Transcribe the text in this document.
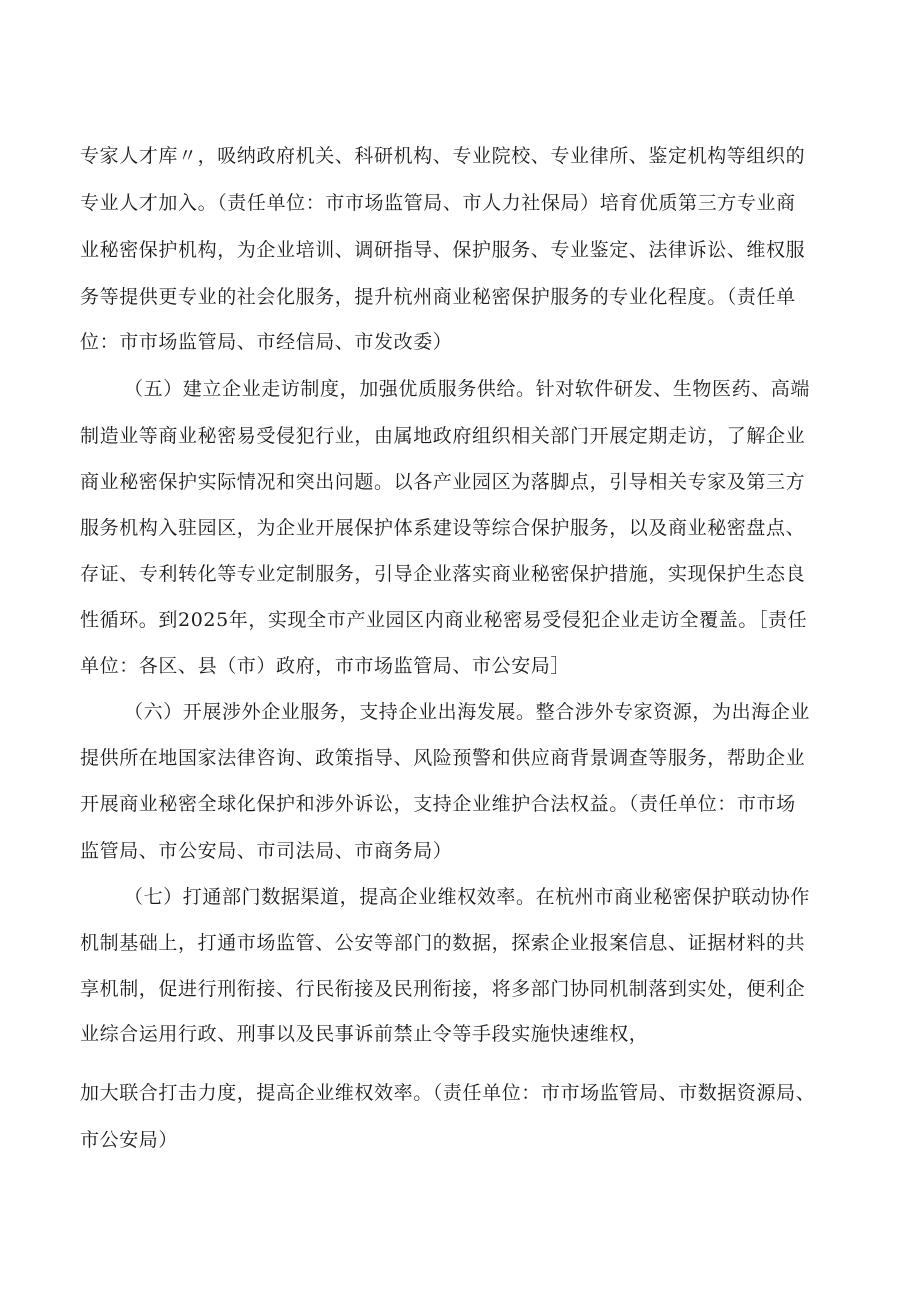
专家人才库〃，吸纳政府机关、科研机构、专业院校、专业律所、鉴定机构等组织的
专业人才加入。（责任单位：市市场监管局、市人力社保局）培育优质第三方专业商
业秘密保护机构，为企业培训、调研指导、保护服务、专业鉴定、法律诉讼、维权服
务等提供更专业的社会化服务，提升杭州商业秘密保护服务的专业化程度。（责任单
位：市市场监管局、市经信局、市发改委）
（五）建立企业走访制度，加强优质服务供给。针对软件研发、生物医药、高端
制造业等商业秘密易受侵犯行业，由属地政府组织相关部门开展定期走访，了解企业
商业秘密保护实际情况和突出问题。以各产业园区为落脚点，引导相关专家及第三方
服务机构入驻园区，为企业开展保护体系建设等综合保护服务，以及商业秘密盘点、
存证、专利转化等专业定制服务，引导企业落实商业秘密保护措施，实现保护生态良
性循环。到2025年，实现全市产业园区内商业秘密易受侵犯企业走访全覆盖。［责任
单位：各区、县（市）政府，市市场监管局、市公安局］
（六）开展涉外企业服务，支持企业出海发展。整合涉外专家资源，为出海企业
提供所在地国家法律咨询、政策指导、风险预警和供应商背景调查等服务，帮助企业
开展商业秘密全球化保护和涉外诉讼，支持企业维护合法权益。（责任单位：市市场
监管局、市公安局、市司法局、市商务局）
（七）打通部门数据渠道，提高企业维权效率。在杭州市商业秘密保护联动协作
机制基础上，打通市场监管、公安等部门的数据，探索企业报案信息、证据材料的共
享机制，促进行刑衔接、行民衔接及民刑衔接，将多部门协同机制落到实处，便利企
业综合运用行政、刑事以及民事诉前禁止令等手段实施快速维权，
加大联合打击力度，提高企业维权效率。（责任单位：市市场监管局、市数据资源局、
市公安局）
